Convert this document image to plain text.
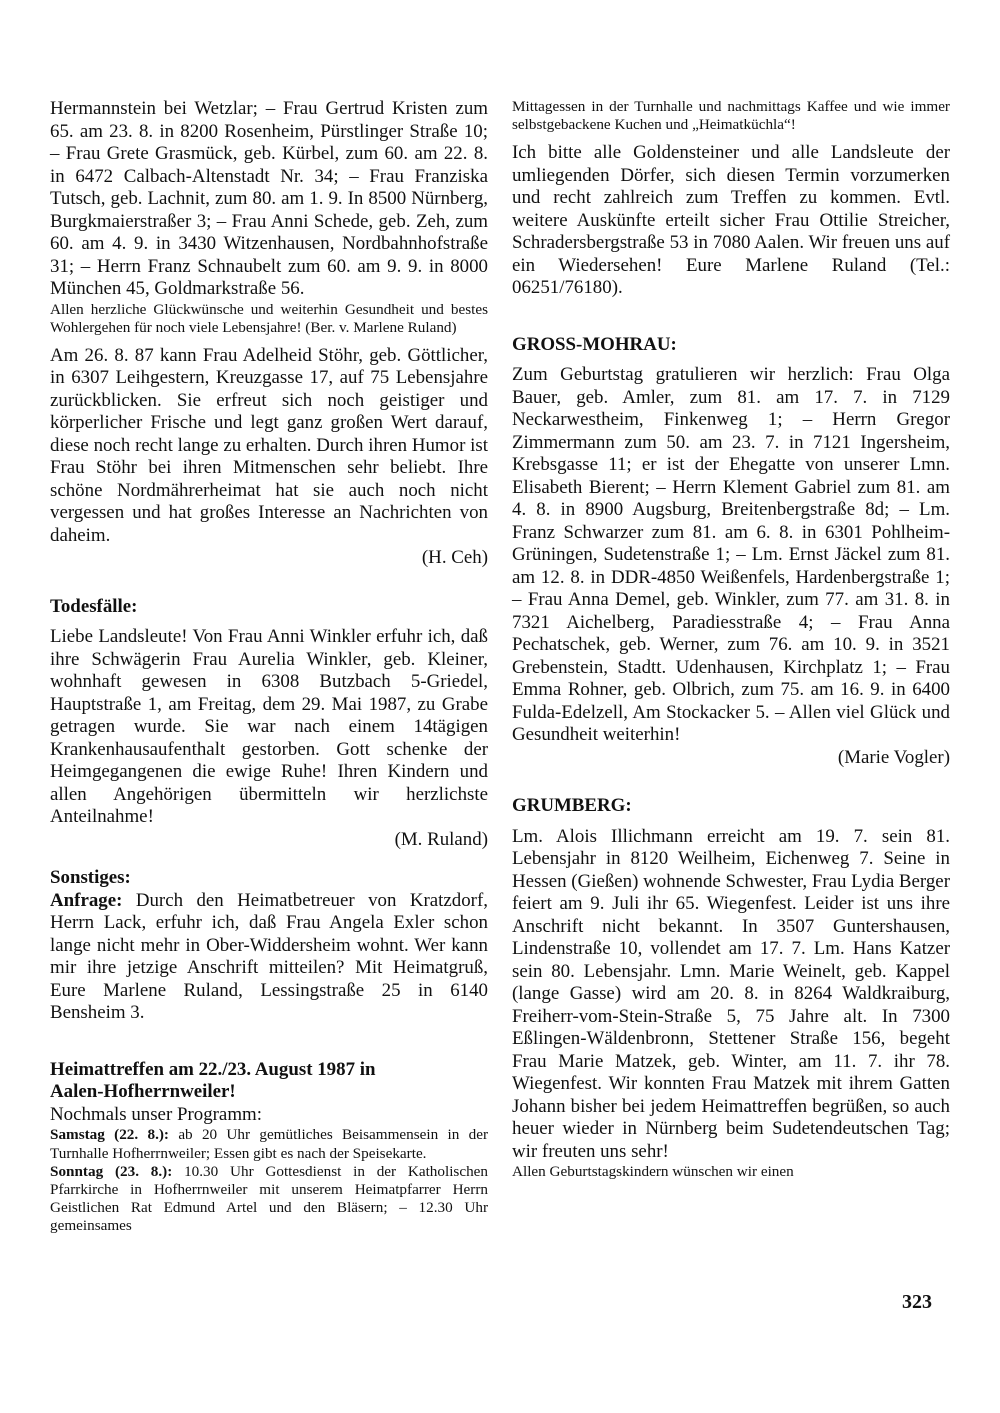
Hermannstein bei Wetzlar; – Frau Gertrud Kristen zum 65. am 23. 8. in 8200 Rosenheim, Pürstlinger Straße 10; – Frau Grete Grasmück, geb. Kürbel, zum 60. am 22. 8. in 6472 Calbach-Altenstadt Nr. 34; – Frau Franziska Tutsch, geb. Lachnit, zum 80. am 1. 9. In 8500 Nürnberg, Burgkmaierstraßer 3; – Frau Anni Schede, geb. Zeh, zum 60. am 4. 9. in 3430 Witzenhausen, Nordbahnhofstraße 31; – Herrn Franz Schnaubelt zum 60. am 9. 9. in 8000 München 45, Goldmarkstraße 56.

Allen herzliche Glückwünsche und weiterhin Gesundheit und bestes Wohlergehen für noch viele Lebensjahre! (Ber. v. Marlene Ruland)

Am 26. 8. 87 kann Frau Adelheid Stöhr, geb. Göttlicher, in 6307 Leihgestern, Kreuzgasse 17, auf 75 Lebensjahre zurückblicken. Sie erfreut sich noch geistiger und körperlicher Frische und legt ganz großen Wert darauf, diese noch recht lange zu erhalten. Durch ihren Humor ist Frau Stöhr bei ihren Mitmenschen sehr beliebt. Ihre schöne Nordmährerheimat hat sie auch noch nicht vergessen und hat großes Interesse an Nachrichten von daheim.

(H. Ceh)

Todesfälle:

Liebe Landsleute! Von Frau Anni Winkler erfuhr ich, daß ihre Schwägerin Frau Aurelia Winkler, geb. Kleiner, wohnhaft gewesen in 6308 Butzbach 5-Griedel, Hauptstraße 1, am Freitag, dem 29. Mai 1987, zu Grabe getragen wurde. Sie war nach einem 14tägigen Krankenhausaufenthalt gestorben. Gott schenke der Heimgegangenen die ewige Ruhe! Ihren Kindern und allen Angehörigen übermitteln wir herzlichste Anteilnahme!

(M. Ruland)

Sonstiges:

Anfrage: Durch den Heimatbetreuer von Kratzdorf, Herrn Lack, erfuhr ich, daß Frau Angela Exler schon lange nicht mehr in Ober-Widdersheim wohnt. Wer kann mir ihre jetzige Anschrift mitteilen? Mit Heimatgruß, Eure Marlene Ruland, Lessingstraße 25 in 6140 Bensheim 3.

Heimattreffen am 22./23. August 1987 in
Aalen-Hofherrnweiler!

Nochmals unser Programm:

Samstag (22. 8.): ab 20 Uhr gemütliches Beisammensein in der Turnhalle Hofherrnweiler; Essen gibt es nach der Speisekarte.

Sonntag (23. 8.): 10.30 Uhr Gottesdienst in der Katholischen Pfarrkirche in Hofherrnweiler mit unserem Heimatpfarrer Herrn Geistlichen Rat Edmund Artel und den Bläsern; – 12.30 Uhr gemeinsames

Mittagessen in der Turnhalle und nachmittags Kaffee und wie immer selbstgebackene Kuchen und „Heimatküchla“!

Ich bitte alle Goldensteiner und alle Landsleute der umliegenden Dörfer, sich diesen Termin vorzumerken und recht zahlreich zum Treffen zu kommen. Evtl. weitere Auskünfte erteilt sicher Frau Ottilie Streicher, Schradersbergstraße 53 in 7080 Aalen. Wir freuen uns auf ein Wiedersehen! Eure Marlene Ruland (Tel.: 06251/76180).

GROSS-MOHRAU:

Zum Geburtstag gratulieren wir herzlich: Frau Olga Bauer, geb. Amler, zum 81. am 17. 7. in 7129 Neckarwestheim, Finkenweg 1; – Herrn Gregor Zimmermann zum 50. am 23. 7. in 7121 Ingersheim, Krebsgasse 11; er ist der Ehegatte von unserer Lmn. Elisabeth Bierent; – Herrn Klement Gabriel zum 81. am 4. 8. in 8900 Augsburg, Breitenbergstraße 8d; – Lm. Franz Schwarzer zum 81. am 6. 8. in 6301 Pohlheim-Grüningen, Sudetenstraße 1; – Lm. Ernst Jäckel zum 81. am 12. 8. in DDR-4850 Weißenfels, Hardenbergstraße 1; – Frau Anna Demel, geb. Winkler, zum 77. am 31. 8. in 7321 Aichelberg, Paradiesstraße 4; – Frau Anna Pechatschek, geb. Werner, zum 76. am 10. 9. in 3521 Grebenstein, Stadtt. Udenhausen, Kirchplatz 1; – Frau Emma Rohner, geb. Olbrich, zum 75. am 16. 9. in 6400 Fulda-Edelzell, Am Stockacker 5. – Allen viel Glück und Gesundheit weiterhin!

(Marie Vogler)

GRUMBERG:

Lm. Alois Illichmann erreicht am 19. 7. sein 81. Lebensjahr in 8120 Weilheim, Eichenweg 7. Seine in Hessen (Gießen) wohnende Schwester, Frau Lydia Berger feiert am 9. Juli ihr 65. Wiegenfest. Leider ist uns ihre Anschrift nicht bekannt. In 3507 Guntershausen, Lindenstraße 10, vollendet am 17. 7. Lm. Hans Katzer sein 80. Lebensjahr. Lmn. Marie Weinelt, geb. Kappel (lange Gasse) wird am 20. 8. in 8264 Waldkraiburg, Freiherr-vom-Stein-Straße 5, 75 Jahre alt. In 7300 Eßlingen-Wäldenbronn, Stettener Straße 156, begeht Frau Marie Matzek, geb. Winter, am 11. 7. ihr 78. Wiegenfest. Wir konnten Frau Matzek mit ihrem Gatten Johann bisher bei jedem Heimattreffen begrüßen, so auch heuer wieder in Nürnberg beim Sudetendeutschen Tag; wir freuten uns sehr!

Allen Geburtstagskindern wünschen wir einen

323
